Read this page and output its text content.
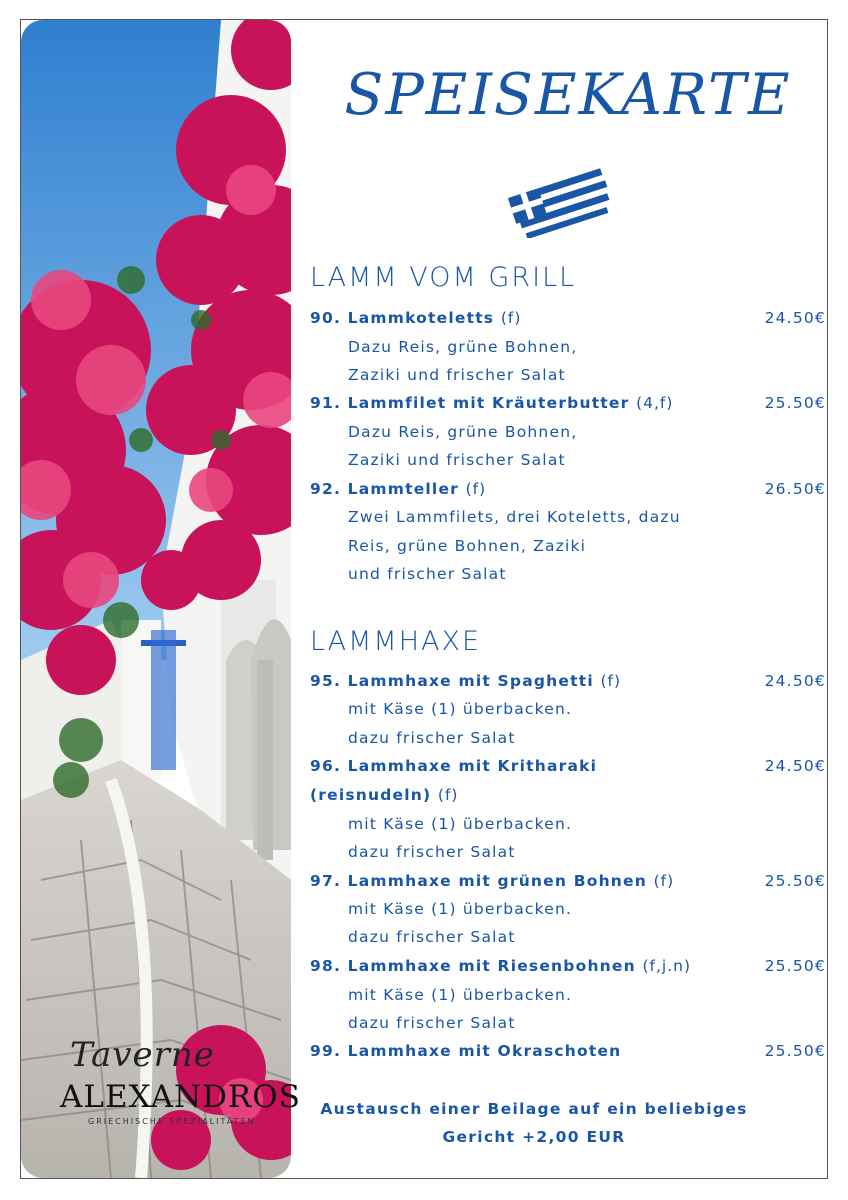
Taverne
ALEXANDROS
GRIECHISCHE SPEZIALITÄTEN
SPEISEKARTE
LAMM VOM GRILL
90. Lammkoteletts (f)	24.50€
Dazu Reis, grüne Bohnen,
Zaziki und frischer Salat
91. Lammfilet mit Kräuterbutter (4,f)	25.50€
Dazu Reis, grüne Bohnen,
Zaziki und frischer Salat
92. Lammteller (f)	26.50€
Zwei Lammfilets, drei Koteletts, dazu
Reis, grüne Bohnen, Zaziki
und frischer Salat
LAMMHAXE
95. Lammhaxe mit Spaghetti (f)	24.50€
mit Käse (1) überbacken.
dazu frischer Salat
96. Lammhaxe mit Kritharaki	24.50€
(reisnudeln) (f)
mit Käse (1) überbacken.
dazu frischer Salat
97. Lammhaxe mit grünen Bohnen (f)	25.50€
mit Käse (1) überbacken.
dazu frischer Salat
98. Lammhaxe mit Riesenbohnen (f,j.n)	25.50€
mit Käse (1) überbacken.
dazu frischer Salat
99. Lammhaxe mit Okraschoten	25.50€
Austausch einer Beilage auf ein beliebiges
Gericht +2,00 EUR
